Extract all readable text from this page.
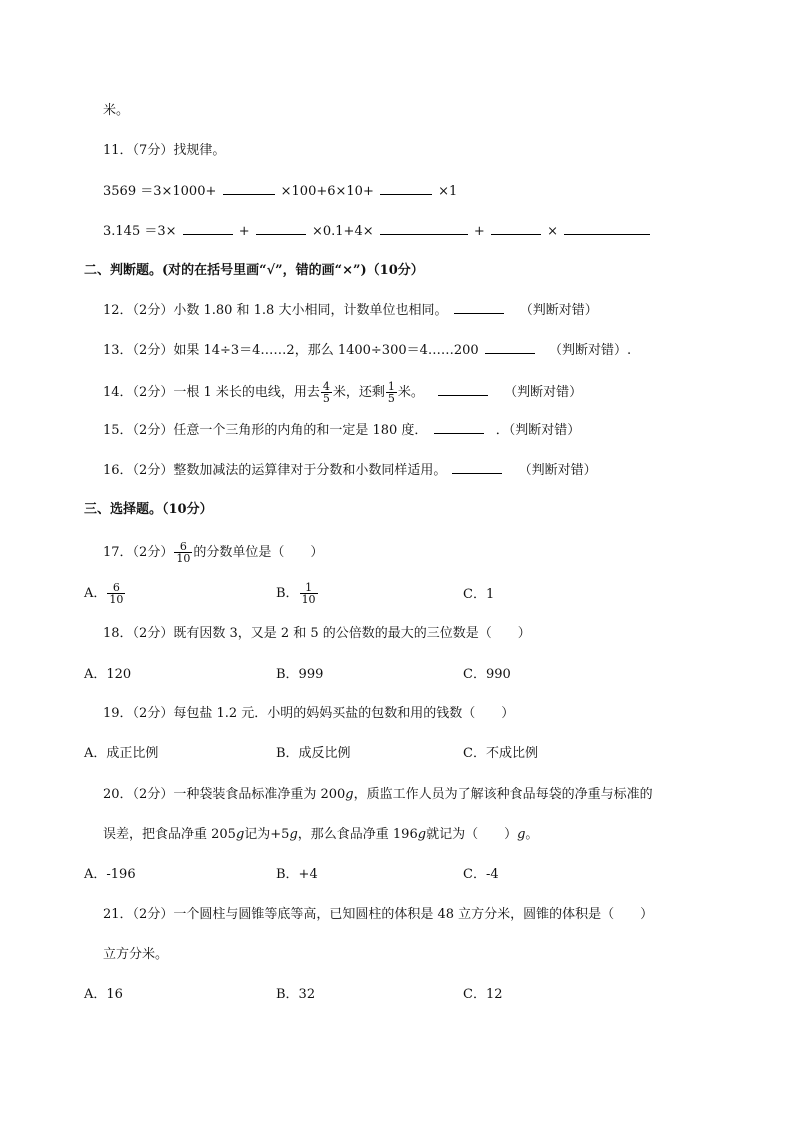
米。
11．（7分）找规律。
3569 ＝3×1000+	×100+6×10+	×1
3.145 ＝3×	+	×0.1+4×	+	×
二、判断题。(对的在括号里画“√”，错的画“×”)（10分）
12．（2分）小数 1.80 和 1.8 大小相同，计数单位也相同。	（判断对错）
13．（2分）如果 14÷3＝4……2，那么 1400÷300＝4……200	（判断对错）.
14．（2分）一根 1 米长的电线，用去 $\frac{4}{5}$ 米，还剩 $\frac{1}{5}$ 米。	（判断对错）
15．（2分）任意一个三角形的内角的和一定是 180 度．	．（判断对错）
16．（2分）整数加减法的运算律对于分数和小数同样适用。	（判断对错）
三、选择题。（10分）
17．（2分） $\frac{6}{10}$ 的分数单位是（　　）
A． $\frac{6}{10}$	B． $\frac{1}{10}$	C．1
18．（2分）既有因数 3，又是 2 和 5 的公倍数的最大的三位数是（　　）
A．120	B．999	C．990
19．（2分）每包盐 1.2 元．小明的妈妈买盐的包数和用的钱数（　　）
A．成正比例	B．成反比例	C．不成比例
20．（2分）一种袋装食品标准净重为 200g，质监工作人员为了解该种食品每袋的净重与标准的
误差，把食品净重 205g记为+5g，那么食品净重 196g就记为（　　）g。
A．-196	B．+4	C．-4
21．（2分）一个圆柱与圆锥等底等高，已知圆柱的体积是 48 立方分米，圆锥的体积是（　　）
立方分米。
A．16	B．32	C．12
